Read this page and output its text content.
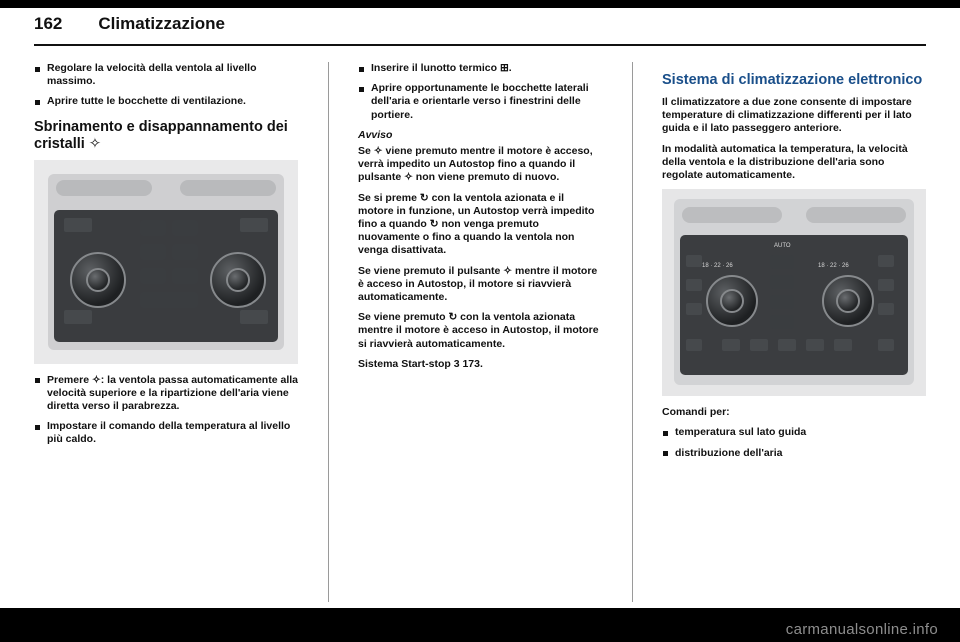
162 Climatizzazione
Regolare la velocità della ventola al livello massimo.
Aprire tutte le bocchette di ventilazione.
Sbrinamento e disappannamento dei cristalli ✧
Premere ✧: la ventola passa automaticamente alla velocità superiore e la ripartizione dell'aria viene diretta verso il parabrezza.
Impostare il comando della temperatura al livello più caldo.
Inserire il lunotto termico ⊞.
Aprire opportunamente le bocchette laterali dell'aria e orientarle verso i finestrini delle portiere.
Avviso

Se ✧ viene premuto mentre il motore è acceso, verrà impedito un Autostop fino a quando il pulsante ✧ non viene premuto di nuovo.

Se si preme ↻ con la ventola azionata e il motore in funzione, un Autostop verrà impedito fino a quando ↻ non venga premuto nuovamente o fino a quando la ventola non venga disattivata.

Se viene premuto il pulsante ✧ mentre il motore è acceso in Autostop, il motore si riavvierà automaticamente.

Se viene premuto ↻ con la ventola azionata mentre il motore è acceso in Autostop, il motore si riavvierà automaticamente.

Sistema Start-stop 3 173.

Sistema di climatizzazione elettronico

Il climatizzatore a due zone consente di impostare temperature di climatizzazione differenti per il lato guida e il lato passeggero anteriore.

In modalità automatica la temperatura, la velocità della ventola e la distribuzione dell'aria sono regolate automaticamente.

AUTO
18 · 22 · 26	18 · 22 · 26

Comandi per:

temperatura sul lato guida
distribuzione dell'aria
carmanualsonline.info
